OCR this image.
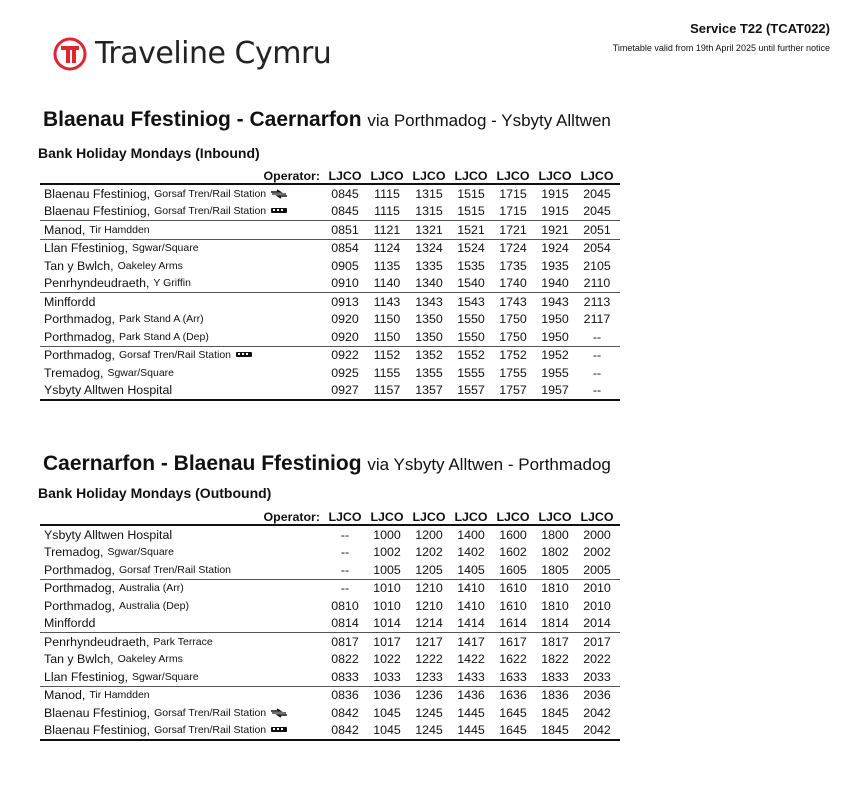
Traveline Cymru
Service T22 (TCAT022)
Timetable valid from 19th April 2025 until further notice
Blaenau Ffestiniog - Caernarfon via Porthmadog - Ysbyty Alltwen
Bank Holiday Mondays (Inbound)
Operator: LJCO LJCO LJCO LJCO LJCO LJCO LJCO
Blaenau Ffestiniog, Gorsaf Tren/Rail Station	0845	1115	1315	1515	1715	1915	2045
Blaenau Ffestiniog, Gorsaf Tren/Rail Station	0845	1115	1315	1515	1715	1915	2045
Manod, Tir Hamdden	0851	1121	1321	1521	1721	1921	2051
Llan Ffestiniog, Sgwar/Square	0854	1124	1324	1524	1724	1924	2054
Tan y Bwlch, Oakeley Arms	0905	1135	1335	1535	1735	1935	2105
Penrhyndeudraeth, Y Griffin	0910	1140	1340	1540	1740	1940	2110
Minffordd	0913	1143	1343	1543	1743	1943	2113
Porthmadog, Park Stand A (Arr)	0920	1150	1350	1550	1750	1950	2117
Porthmadog, Park Stand A (Dep)	0920	1150	1350	1550	1750	1950	--
Porthmadog, Gorsaf Tren/Rail Station	0922	1152	1352	1552	1752	1952	--
Tremadog, Sgwar/Square	0925	1155	1355	1555	1755	1955	--
Ysbyty Alltwen Hospital	0927	1157	1357	1557	1757	1957	--
Caernarfon - Blaenau Ffestiniog via Ysbyty Alltwen - Porthmadog
Bank Holiday Mondays (Outbound)
Operator: LJCO LJCO LJCO LJCO LJCO LJCO LJCO
Ysbyty Alltwen Hospital	--	1000	1200	1400	1600	1800	2000
Tremadog, Sgwar/Square	--	1002	1202	1402	1602	1802	2002
Porthmadog, Gorsaf Tren/Rail Station	--	1005	1205	1405	1605	1805	2005
Porthmadog, Australia (Arr)	--	1010	1210	1410	1610	1810	2010
Porthmadog, Australia (Dep)	0810	1010	1210	1410	1610	1810	2010
Minffordd	0814	1014	1214	1414	1614	1814	2014
Penrhyndeudraeth, Park Terrace	0817	1017	1217	1417	1617	1817	2017
Tan y Bwlch, Oakeley Arms	0822	1022	1222	1422	1622	1822	2022
Llan Ffestiniog, Sgwar/Square	0833	1033	1233	1433	1633	1833	2033
Manod, Tir Hamdden	0836	1036	1236	1436	1636	1836	2036
Blaenau Ffestiniog, Gorsaf Tren/Rail Station	0842	1045	1245	1445	1645	1845	2042
Blaenau Ffestiniog, Gorsaf Tren/Rail Station	0842	1045	1245	1445	1645	1845	2042
